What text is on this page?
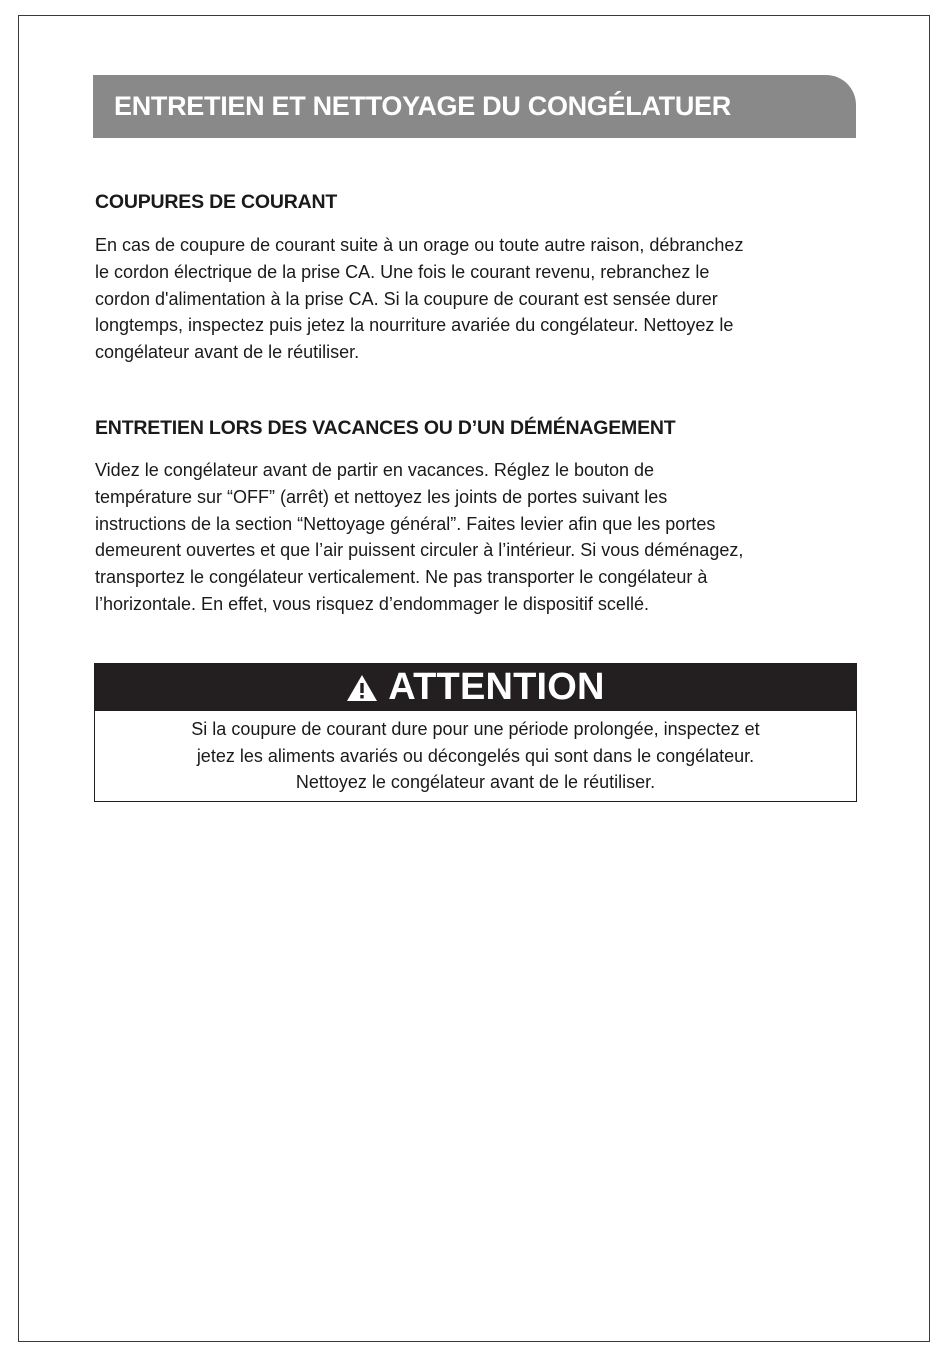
ENTRETIEN ET NETTOYAGE DU CONGÉLATUER
COUPURES DE COURANT

En cas de coupure de courant suite à un orage ou toute autre raison, débranchez
le cordon électrique de la prise CA. Une fois le courant revenu, rebranchez le
cordon d'alimentation à la prise CA. Si la coupure de courant est sensée durer
longtemps, inspectez puis jetez la nourriture avariée du congélateur. Nettoyez le
congélateur avant de le réutiliser.

ENTRETIEN LORS DES VACANCES OU D’UN DÉMÉNAGEMENT

Videz le congélateur avant de partir en vacances. Réglez le bouton de
température sur “OFF” (arrêt) et nettoyez les joints de portes suivant les
instructions de la section “Nettoyage général”. Faites levier afin que les portes
demeurent ouvertes et que l’air puissent circuler à l’intérieur. Si vous déménagez,
transportez le congélateur verticalement. Ne pas transporter le congélateur à
l’horizontale. En effet, vous risquez d’endommager le dispositif scellé.

ATTENTION
Si la coupure de courant dure pour une période prolongée, inspectez et
jetez les aliments avariés ou décongelés qui sont dans le congélateur.
Nettoyez le congélateur avant de le réutiliser.
